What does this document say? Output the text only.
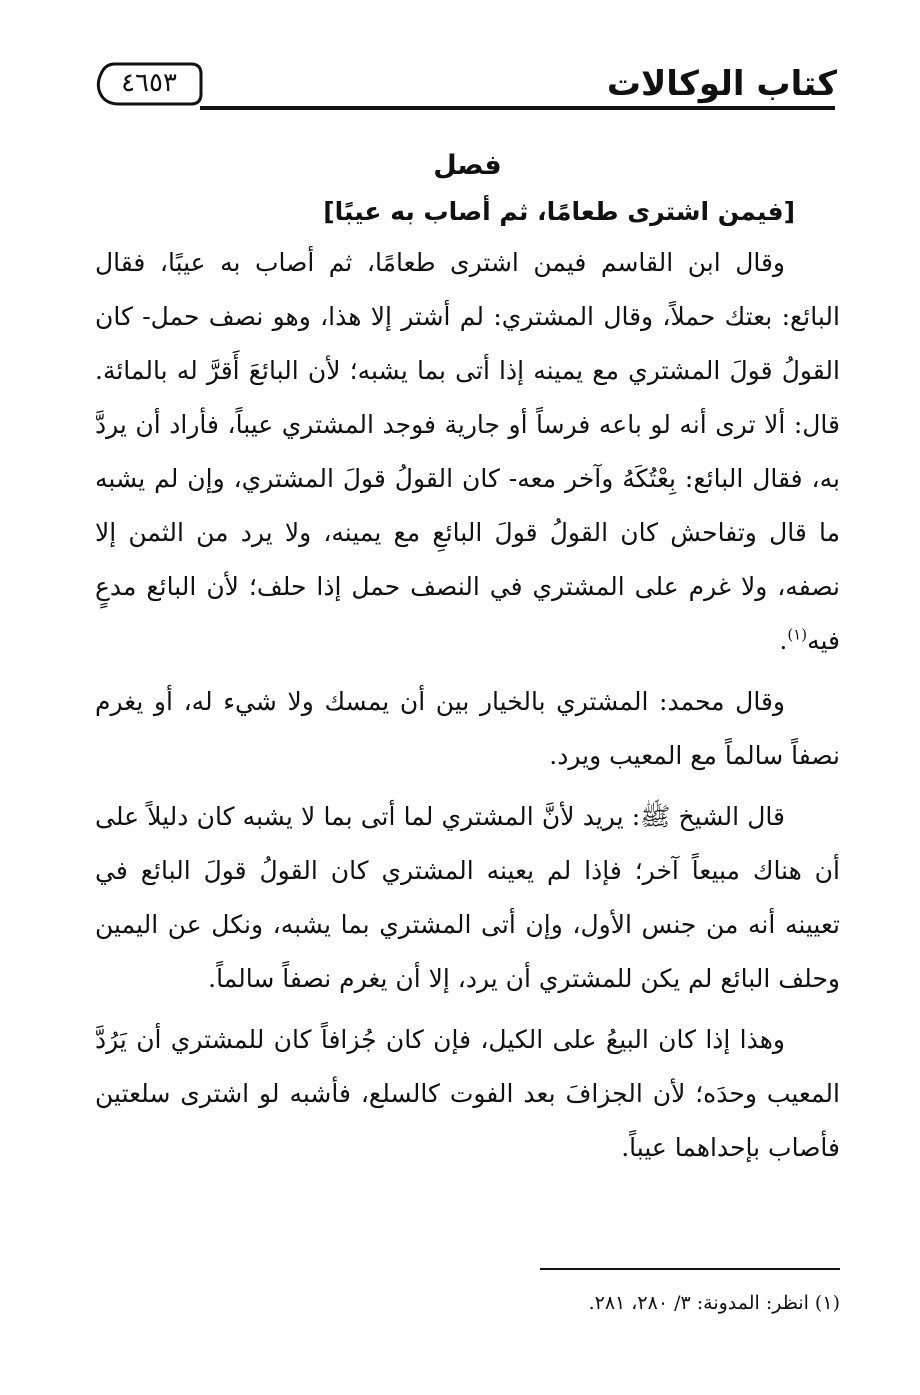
كتاب الوكالات
٤٦٥٣
فصل
[فيمن اشترى طعامًا، ثم أصاب به عيبًا]

وقال ابن القاسم فيمن اشترى طعامًا، ثم أصاب به عيبًا، فقال البائع: بعتك حملاً، وقال المشتري: لم أشتر إلا هذا، وهو نصف حمل- كان القولُ قولَ المشتري مع يمينه إذا أتى بما يشبه؛ لأن البائعَ أَقرَّ له بالمائة. قال: ألا ترى أنه لو باعه فرساً أو جارية فوجد المشتري عيباً، فأراد أن يردَّ به، فقال البائع: بِعْتُكَهُ وآخر معه- كان القولُ قولَ المشتري، وإن لم يشبه ما قال وتفاحش كان القولُ قولَ البائعِ مع يمينه، ولا يرد من الثمن إلا نصفه، ولا غرم على المشتري في النصف حمل إذا حلف؛ لأن البائع مدعٍ فيه$^{(١)}$.

وقال محمد: المشتري بالخيار بين أن يمسك ولا شيء له، أو يغرم نصفاً سالماً مع المعيب ويرد.

قال الشيخ ﷺ: يريد لأنَّ المشتري لما أتى بما لا يشبه كان دليلاً على أن هناك مبيعاً آخر؛ فإذا لم يعينه المشتري كان القولُ قولَ البائع في تعيينه أنه من جنس الأول، وإن أتى المشتري بما يشبه، ونكل عن اليمين وحلف البائع لم يكن للمشتري أن يرد، إلا أن يغرم نصفاً سالماً.

وهذا إذا كان البيعُ على الكيل، فإن كان جُزافاً كان للمشتري أن يَرُدَّ المعيب وحدَه؛ لأن الجزافَ بعد الفوت كالسلع، فأشبه لو اشترى سلعتين فأصاب بإحداهما عيباً.

(١) انظر: المدونة: ٣/ ٢٨٠، ٢٨١.
